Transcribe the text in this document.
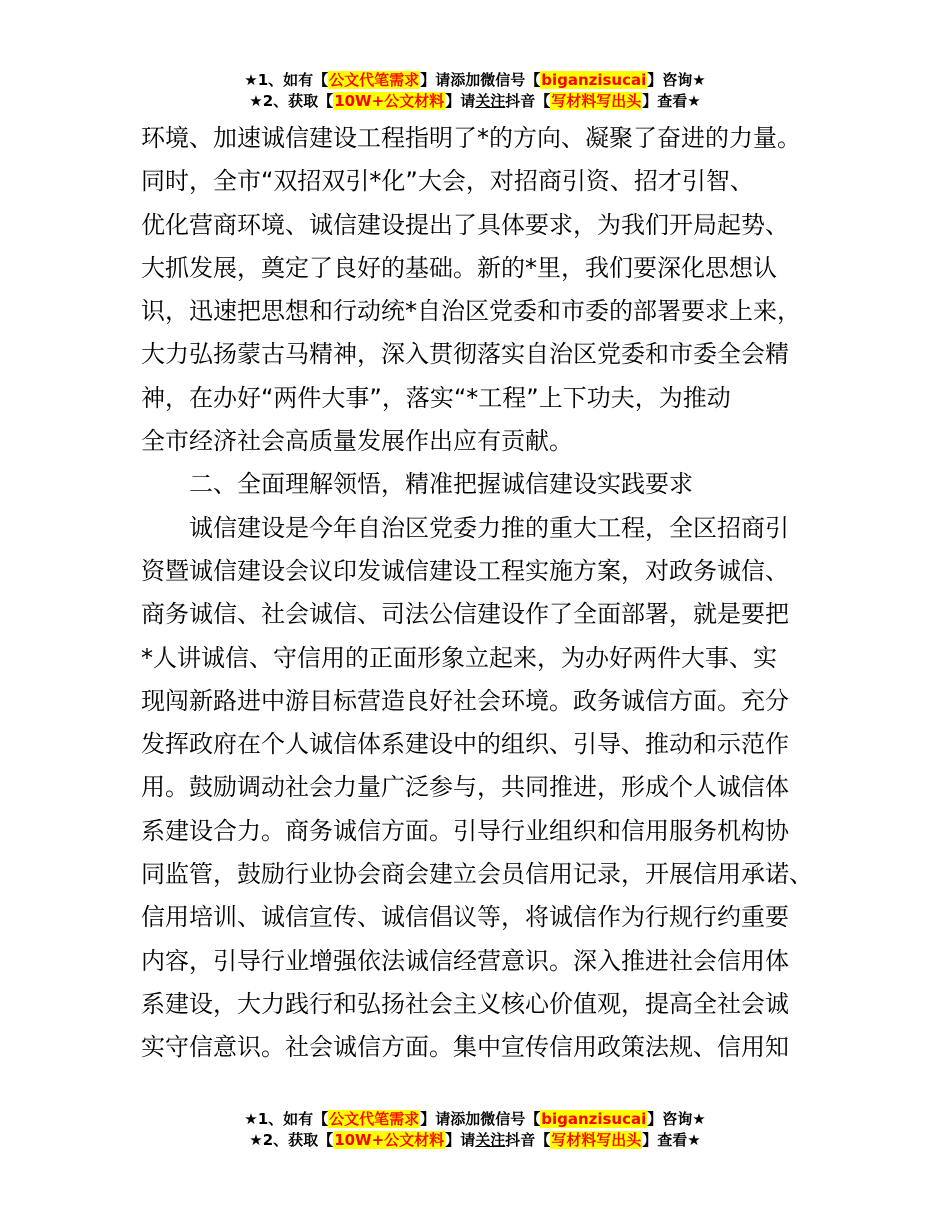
★1、如有【公文代笔需求】请添加微信号【biganzisucai】咨询★
★2、获取【10W+公文材料】请关注抖音【写材料写出头】查看★
环境、加速诚信建设工程指明了*的方向、凝聚了奋进的力量。
同时，全市“双招双引*化”大会，对招商引资、招才引智、
优化营商环境、诚信建设提出了具体要求，为我们开局起势、
大抓发展，奠定了良好的基础。新的*里，我们要深化思想认
识，迅速把思想和行动统*自治区党委和市委的部署要求上来，
大力弘扬蒙古马精神，深入贯彻落实自治区党委和市委全会精
神，在办好“两件大事”，落实“*工程”上下功夫，为推动
全市经济社会高质量发展作出应有贡献。
　　二、全面理解领悟，精准把握诚信建设实践要求
　　诚信建设是今年自治区党委力推的重大工程，全区招商引
资暨诚信建设会议印发诚信建设工程实施方案，对政务诚信、
商务诚信、社会诚信、司法公信建设作了全面部署，就是要把
*人讲诚信、守信用的正面形象立起来，为办好两件大事、实
现闯新路进中游目标营造良好社会环境。政务诚信方面。充分
发挥政府在个人诚信体系建设中的组织、引导、推动和示范作
用。鼓励调动社会力量广泛参与，共同推进，形成个人诚信体
系建设合力。商务诚信方面。引导行业组织和信用服务机构协
同监管，鼓励行业协会商会建立会员信用记录，开展信用承诺、
信用培训、诚信宣传、诚信倡议等，将诚信作为行规行约重要
内容，引导行业增强依法诚信经营意识。深入推进社会信用体
系建设，大力践行和弘扬社会主义核心价值观，提高全社会诚
实守信意识。社会诚信方面。集中宣传信用政策法规、信用知
★1、如有【公文代笔需求】请添加微信号【biganzisucai】咨询★
★2、获取【10W+公文材料】请关注抖音【写材料写出头】查看★
